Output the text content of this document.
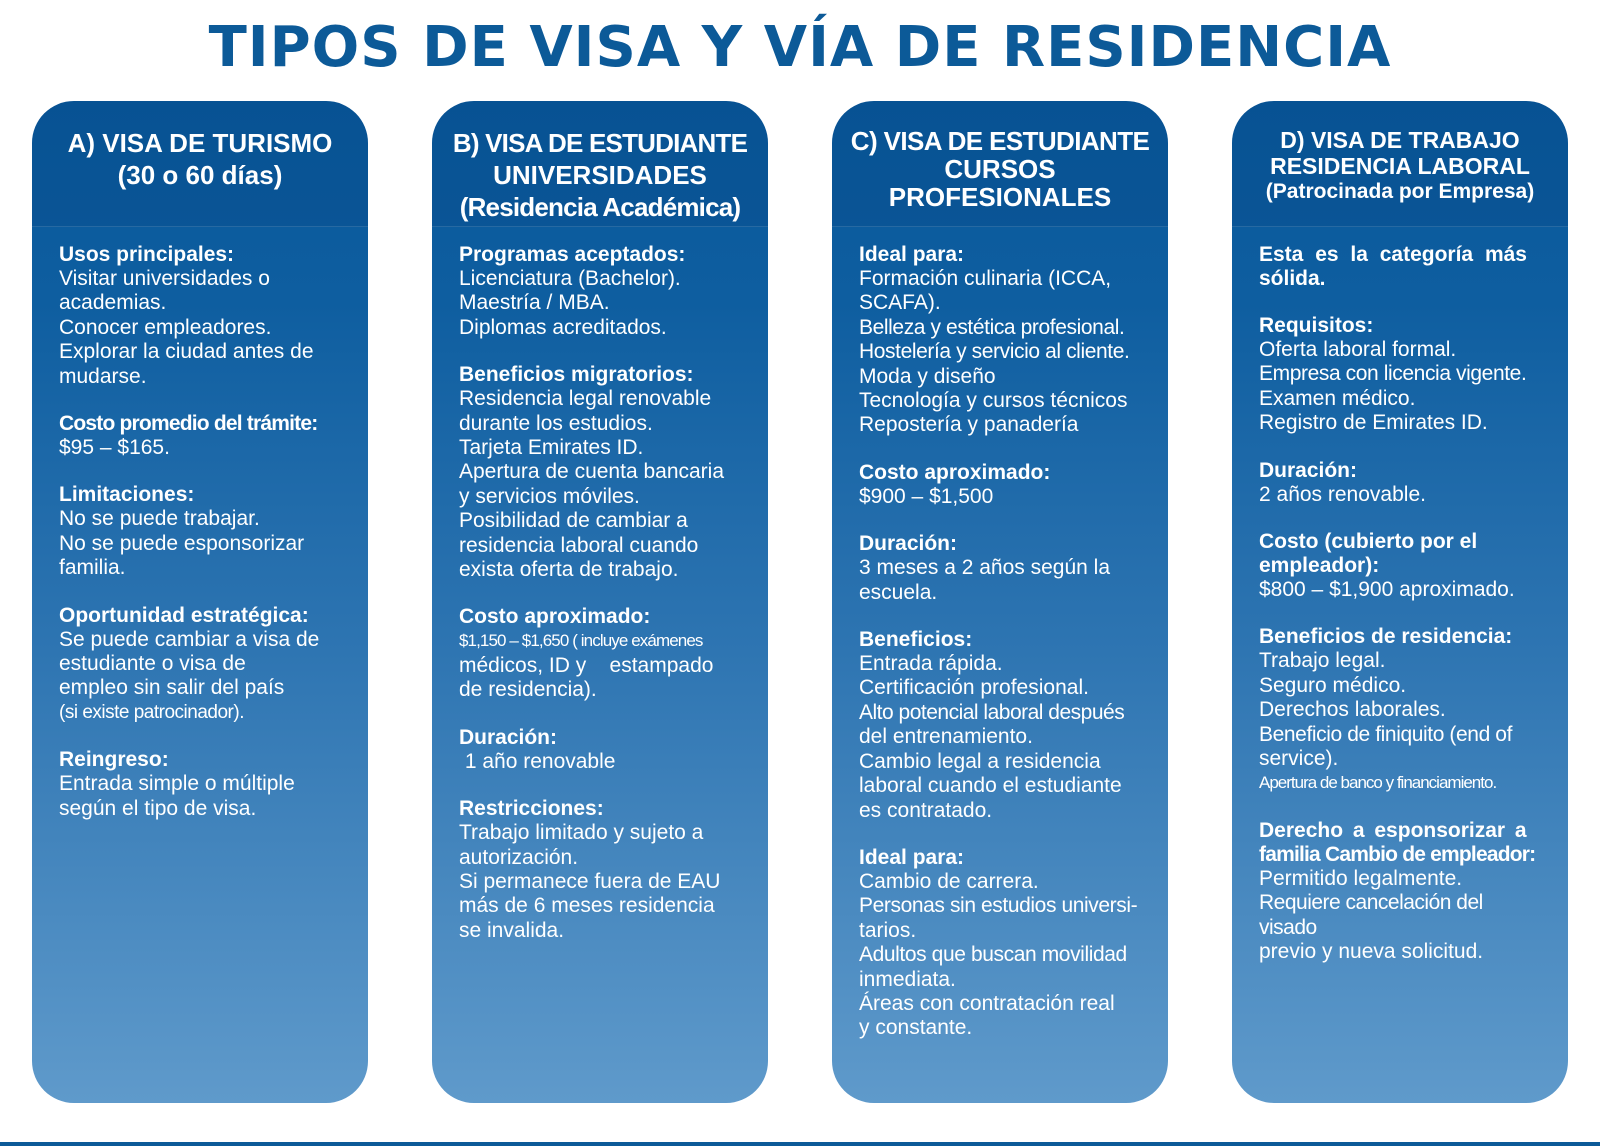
TIPOS DE VISA Y VÍA DE RESIDENCIA
A) VISA DE TURISMO
(30 o 60 días)
Usos principales:
Visitar universidades o
academias.
Conocer empleadores.
Explorar la ciudad antes de
mudarse.
Costo promedio del trámite:
$95 – $165.
Limitaciones:
No se puede trabajar.
No se puede esponsorizar
familia.
Oportunidad estratégica:
Se puede cambiar a visa de
estudiante o visa de
empleo sin salir del país
(si existe patrocinador).
Reingreso:
Entrada simple o múltiple
según el tipo de visa.
B) VISA DE ESTUDIANTE
UNIVERSIDADES
(Residencia Académica)
Programas aceptados:
Licenciatura (Bachelor).
Maestría / MBA.
Diplomas acreditados.
Beneficios migratorios:
Residencia legal renovable
durante los estudios.
Tarjeta Emirates ID.
Apertura de cuenta bancaria
y servicios móviles.
Posibilidad de cambiar a
residencia laboral cuando
exista oferta de trabajo.
Costo aproximado:
$1,150 – $1,650 ( incluye exámenes
médicos, ID y    estampado
de residencia).
Duración:
1 año renovable
Restricciones:
Trabajo limitado y sujeto a
autorización.
Si permanece fuera de EAU
más de 6 meses residencia
se invalida.
C) VISA DE ESTUDIANTE
CURSOS
PROFESIONALES
Ideal para:
Formación culinaria (ICCA,
SCAFA).
Belleza y estética profesional.
Hostelería y servicio al cliente.
Moda y diseño
Tecnología y cursos técnicos
Repostería y panadería
Costo aproximado:
$900 – $1,500
Duración:
3 meses a 2 años según la
escuela.
Beneficios:
Entrada rápida.
Certificación profesional.
Alto potencial laboral después
del entrenamiento.
Cambio legal a residencia
laboral cuando el estudiante
es contratado.
Ideal para:
Cambio de carrera.
Personas sin estudios universi-
tarios.
Adultos que buscan movilidad
inmediata.
Áreas con contratación real
y constante.
D) VISA DE TRABAJO
RESIDENCIA LABORAL
(Patrocinada por Empresa)
Esta es la categoría más
sólida.
Requisitos:
Oferta laboral formal.
Empresa con licencia vigente.
Examen médico.
Registro de Emirates ID.
Duración:
2 años renovable.
Costo (cubierto por el
empleador):
$800 – $1,900 aproximado.
Beneficios de residencia:
Trabajo legal.
Seguro médico.
Derechos laborales.
Beneficio de finiquito (end of
service).
Apertura de banco y financiamiento.
Derecho a esponsorizar a
familia Cambio de empleador:
Permitido legalmente.
Requiere cancelación del visado
previo y nueva solicitud.
